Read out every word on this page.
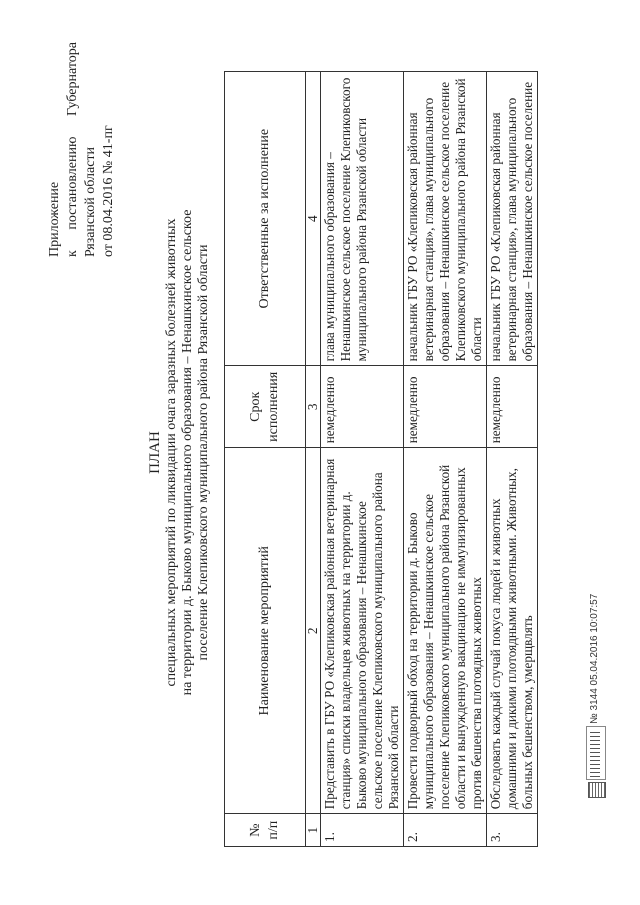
Приложение к
постановлению
Губернатора
Рязанской области от 08.04.2016 № 41-пг
ПЛАН специальных мероприятий по ликвидации очага заразных болезней животных на территории д. Быково муниципального образования – Ненашкинское сельское поселение Клепиковского муниципального района Рязанской области
№ п/п	Наименование мероприятий	Срок исполнения	Ответственные за исполнение
1	2	3	4
1.	Представить в ГБУ РО «Клепиковская районная ветеринарная станция» списки владельцев животных на территории д. Быково муниципального образования – Ненашкинское сельское поселение Клепиковского муниципального района Рязанской области	немедленно	глава муниципального образования – Ненашкинское сельское поселение Клепиковского муниципального района Рязанской области
2.	Провести подворный обход на территории д. Быково муниципального образования – Ненашкинское сельское поселение Клепиковского муниципального района Рязанской области и вынужденную вакцинацию не иммунизированных против бешенства плотоядных животных	немедленно	начальник ГБУ РО «Клепиковская районная ветеринарная станция», глава муниципального образования – Ненашкинское сельское поселение Клепиковского муниципального района Рязанской области
3.	Обследовать каждый случай покуса людей и животных домашними и дикими плотоядными животными. Животных, больных бешенством, умерщвлять	немедленно	начальник ГБУ РО «Клепиковская районная ветеринарная станция», глава муниципального образования – Ненашкинское сельское поселение
№ 3144 05.04.2016 10:07:57
